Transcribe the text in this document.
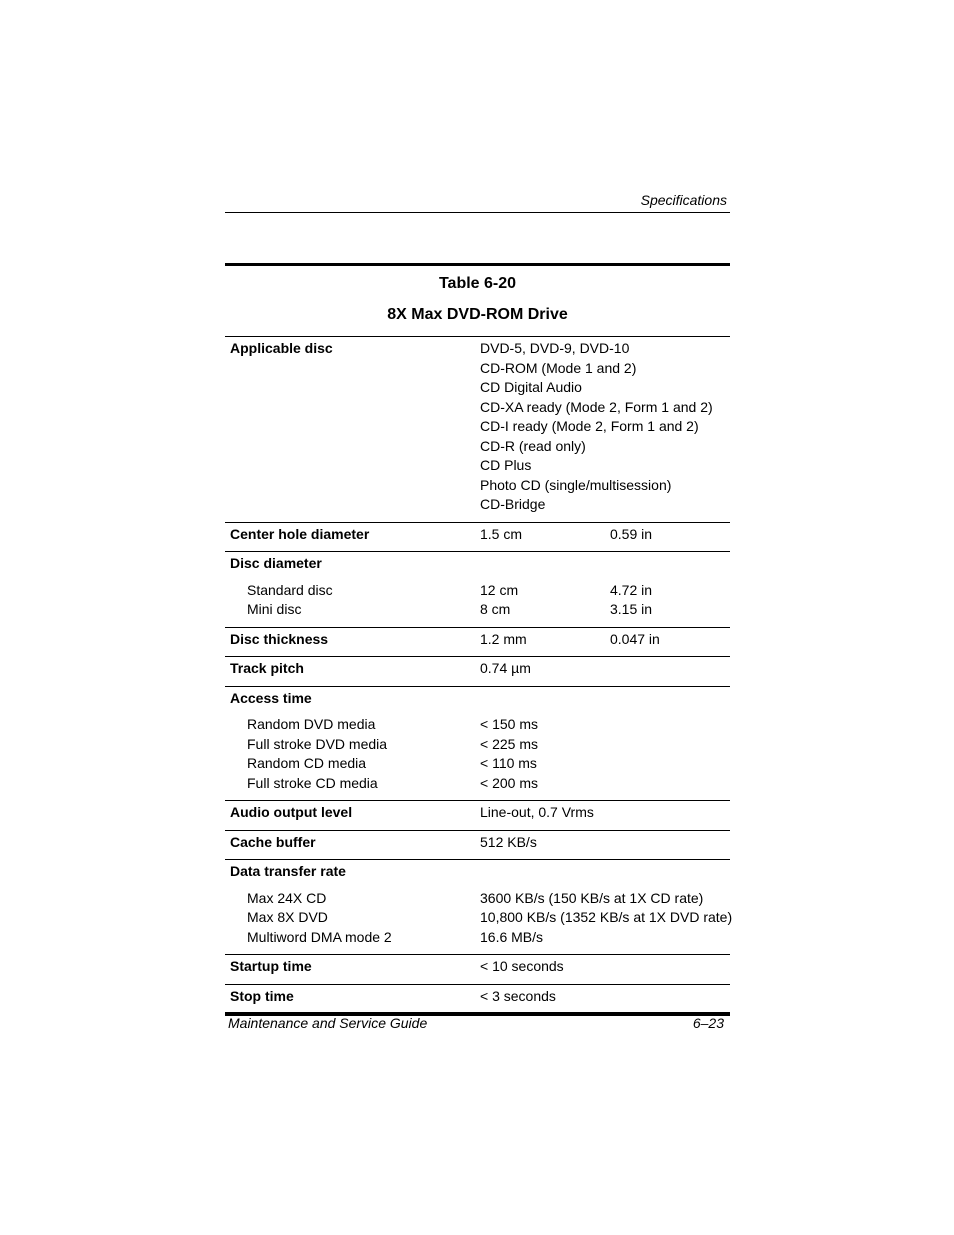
Specifications
Table 6-20
8X Max DVD-ROM Drive
Applicable disc	DVD-5, DVD-9, DVD-10
CD-ROM (Mode 1 and 2)
CD Digital Audio
CD-XA ready (Mode 2, Form 1 and 2)
CD-I ready (Mode 2, Form 1 and 2)
CD-R (read only)
CD Plus
Photo CD (single/multisession)
CD-Bridge
Center hole diameter	1.5 cm	0.59 in
Disc diameter
Standard disc	12 cm	4.72 in
Mini disc	8 cm	3.15 in
Disc thickness	1.2 mm	0.047 in
Track pitch	0.74 µm
Access time
Random DVD media	< 150 ms
Full stroke DVD media	< 225 ms
Random CD media	< 110 ms
Full stroke CD media	< 200 ms
Audio output level	Line-out, 0.7 Vrms
Cache buffer	512 KB/s
Data transfer rate
Max 24X CD	3600 KB/s (150 KB/s at 1X CD rate)
Max 8X DVD	10,800 KB/s (1352 KB/s at 1X DVD rate)
Multiword DMA mode 2	16.6 MB/s
Startup time	< 10 seconds
Stop time	< 3 seconds
Maintenance and Service Guide	6–23
